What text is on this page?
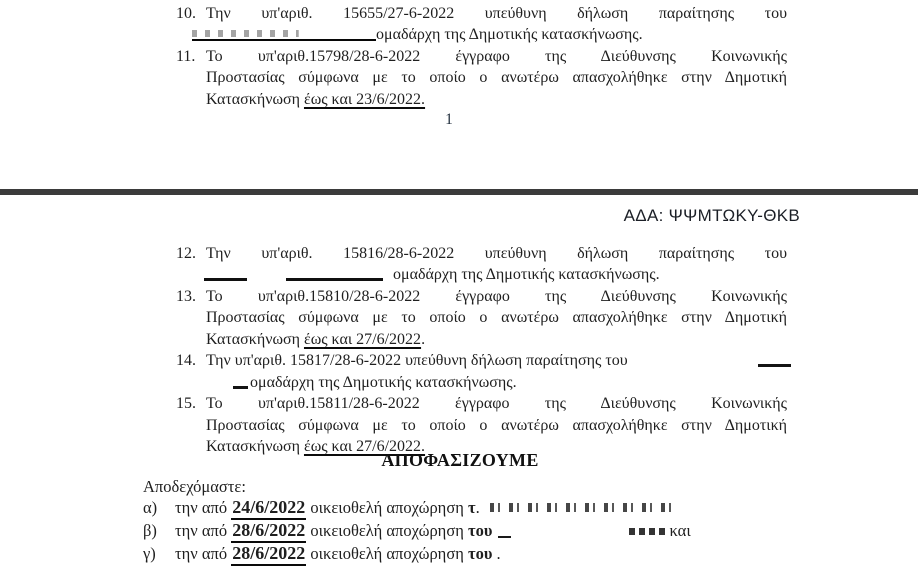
10. Την υπ'αριθ. 15655/27-6-2022 υπεύθυνη δήλωση παραίτησης του
ομαδάρχη της Δημοτικής κατασκήνωσης.
11. Το υπ'αριθ.15798/28-6-2022 έγγραφο της Διεύθυνσης Κοινωνικής
Προστασίας σύμφωνα με το οποίο ο ανωτέρω απασχολήθηκε στην Δημοτική
Κατασκήνωση έως και 23/6/2022.
1
ΑΔΑ: ΨΨΜΤΩΚΥ-ΘΚΒ
12. Την υπ'αριθ. 15816/28-6-2022 υπεύθυνη δήλωση παραίτησης του
ομαδάρχη της Δημοτικής κατασκήνωσης.
13. Το υπ'αριθ.15810/28-6-2022 έγγραφο της Διεύθυνσης Κοινωνικής
Προστασίας σύμφωνα με το οποίο ο ανωτέρω απασχολήθηκε στην Δημοτική
Κατασκήνωση έως και 27/6/2022.
14. Την υπ'αριθ. 15817/28-6-2022 υπεύθυνη δήλωση παραίτησης του
ομαδάρχη της Δημοτικής κατασκήνωσης.
15. Το υπ'αριθ.15811/28-6-2022 έγγραφο της Διεύθυνσης Κοινωνικής
Προστασίας σύμφωνα με το οποίο ο ανωτέρω απασχολήθηκε στην Δημοτική
Κατασκήνωση έως και 27/6/2022.
ΑΠΟΦΑΣΙΖΟΥΜΕ
Αποδεχόμαστε:
α) την από 24/6/2022 οικειοθελή αποχώρηση τ.
β) την από 28/6/2022 οικειοθελή αποχώρηση του	και
γ) την από 28/6/2022 οικειοθελή αποχώρηση του .
